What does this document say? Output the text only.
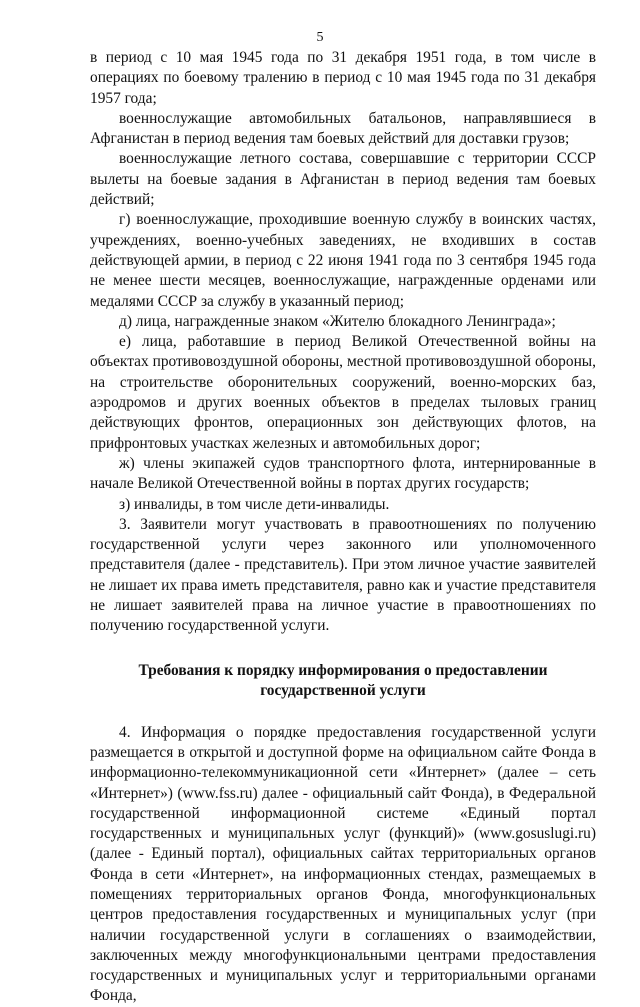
5

в период с 10 мая 1945 года по 31 декабря 1951 года, в том числе в операциях по боевому тралению в период с 10 мая 1945 года по 31 декабря 1957 года;

военнослужащие автомобильных батальонов, направлявшиеся в Афганистан в период ведения там боевых действий для доставки грузов;

военнослужащие летного состава, совершавшие с территории СССР вылеты на боевые задания в Афганистан в период ведения там боевых действий;

г) военнослужащие, проходившие военную службу в воинских частях, учреждениях, военно-учебных заведениях, не входивших в состав действующей армии, в период с 22 июня 1941 года по 3 сентября 1945 года не менее шести месяцев, военнослужащие, награжденные орденами или медалями СССР за службу в указанный период;

д) лица, награжденные знаком «Жителю блокадного Ленинграда»;

е) лица, работавшие в период Великой Отечественной войны на объектах противовоздушной обороны, местной противовоздушной обороны, на строительстве оборонительных сооружений, военно-морских баз, аэродромов и других военных объектов в пределах тыловых границ действующих фронтов, операционных зон действующих флотов, на прифронтовых участках железных и автомобильных дорог;

ж) члены экипажей судов транспортного флота, интернированные в начале Великой Отечественной войны в портах других государств;

з) инвалиды, в том числе дети-инвалиды.

3. Заявители могут участвовать в правоотношениях по получению государственной услуги через законного или уполномоченного представителя (далее - представитель). При этом личное участие заявителей не лишает их права иметь представителя, равно как и участие представителя не лишает заявителей права на личное участие в правоотношениях по получению государственной услуги.

Требования к порядку информирования о предоставлении
государственной услуги

4. Информация о порядке предоставления государственной услуги размещается в открытой и доступной форме на официальном сайте Фонда в информационно-телекоммуникационной сети «Интернет» (далее – сеть «Интернет») (www.fss.ru) далее - официальный сайт Фонда), в Федеральной государственной информационной системе «Единый портал государственных и муниципальных услуг (функций)» (www.gosuslugi.ru) (далее - Единый портал), официальных сайтах территориальных органов Фонда в сети «Интернет», на информационных стендах, размещаемых в помещениях территориальных органов Фонда, многофункциональных центров предоставления государственных и муниципальных услуг (при наличии государственной услуги в соглашениях о взаимодействии, заключенных между многофункциональными центрами предоставления государственных и муниципальных услуг и территориальными органами Фонда,
